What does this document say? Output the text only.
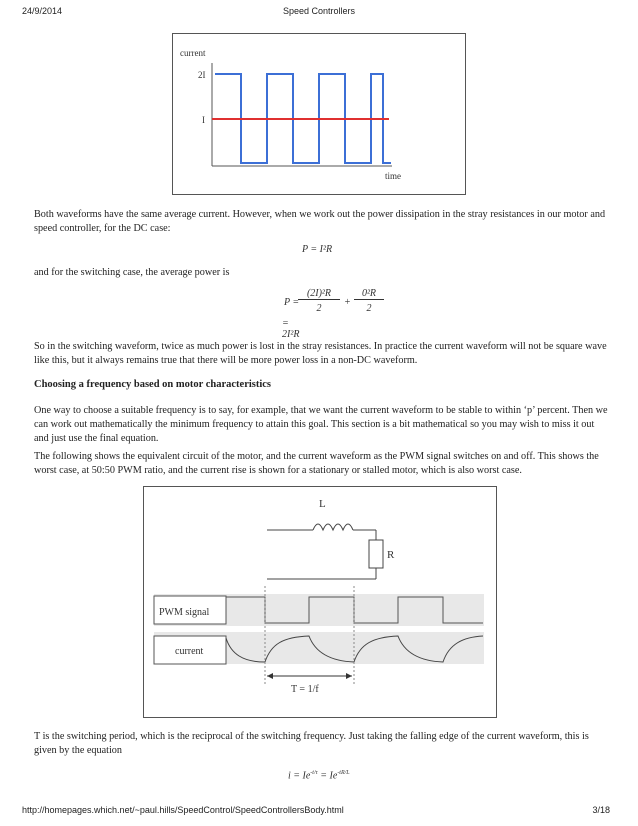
24/9/2014	Speed Controllers
current
time
2I
I

Both waveforms have the same average current. However, when we work out the power dissipation in the stray resistances in our motor and speed controller, for the DC case:

P = I²R

and for the switching case, the average power is

P =
(2I)²R
2
+
0²R
2
= 2I²R

So in the switching waveform, twice as much power is lost in the stray resistances. In practice the current waveform will not be square wave like this, but it always remains true that there will be more power loss in a non-DC waveform.

Choosing a frequency based on motor characteristics

One way to choose a suitable frequency is to say, for example, that we want the current waveform to be stable to within ‘p’ percent. Then we can work out mathematically the minimum frequency to attain this goal. This section is a bit mathematical so you may wish to miss it out and just use the final equation.

The following shows the equivalent circuit of the motor, and the current waveform as the PWM signal switches on and off. This shows the worst case, at 50:50 PWM ratio, and the current rise is shown for a stationary or stalled motor, which is also worst case.

L
R
PWM signal
current
T = 1/f

T is the switching period, which is the reciprocal of the switching frequency. Just taking the falling edge of the current waveform, this is given by the equation

$i = Ie^{-t/\tau} = Ie^{-tR/L}$
http://homepages.which.net/~paul.hills/SpeedControl/SpeedControllersBody.html	3/18
